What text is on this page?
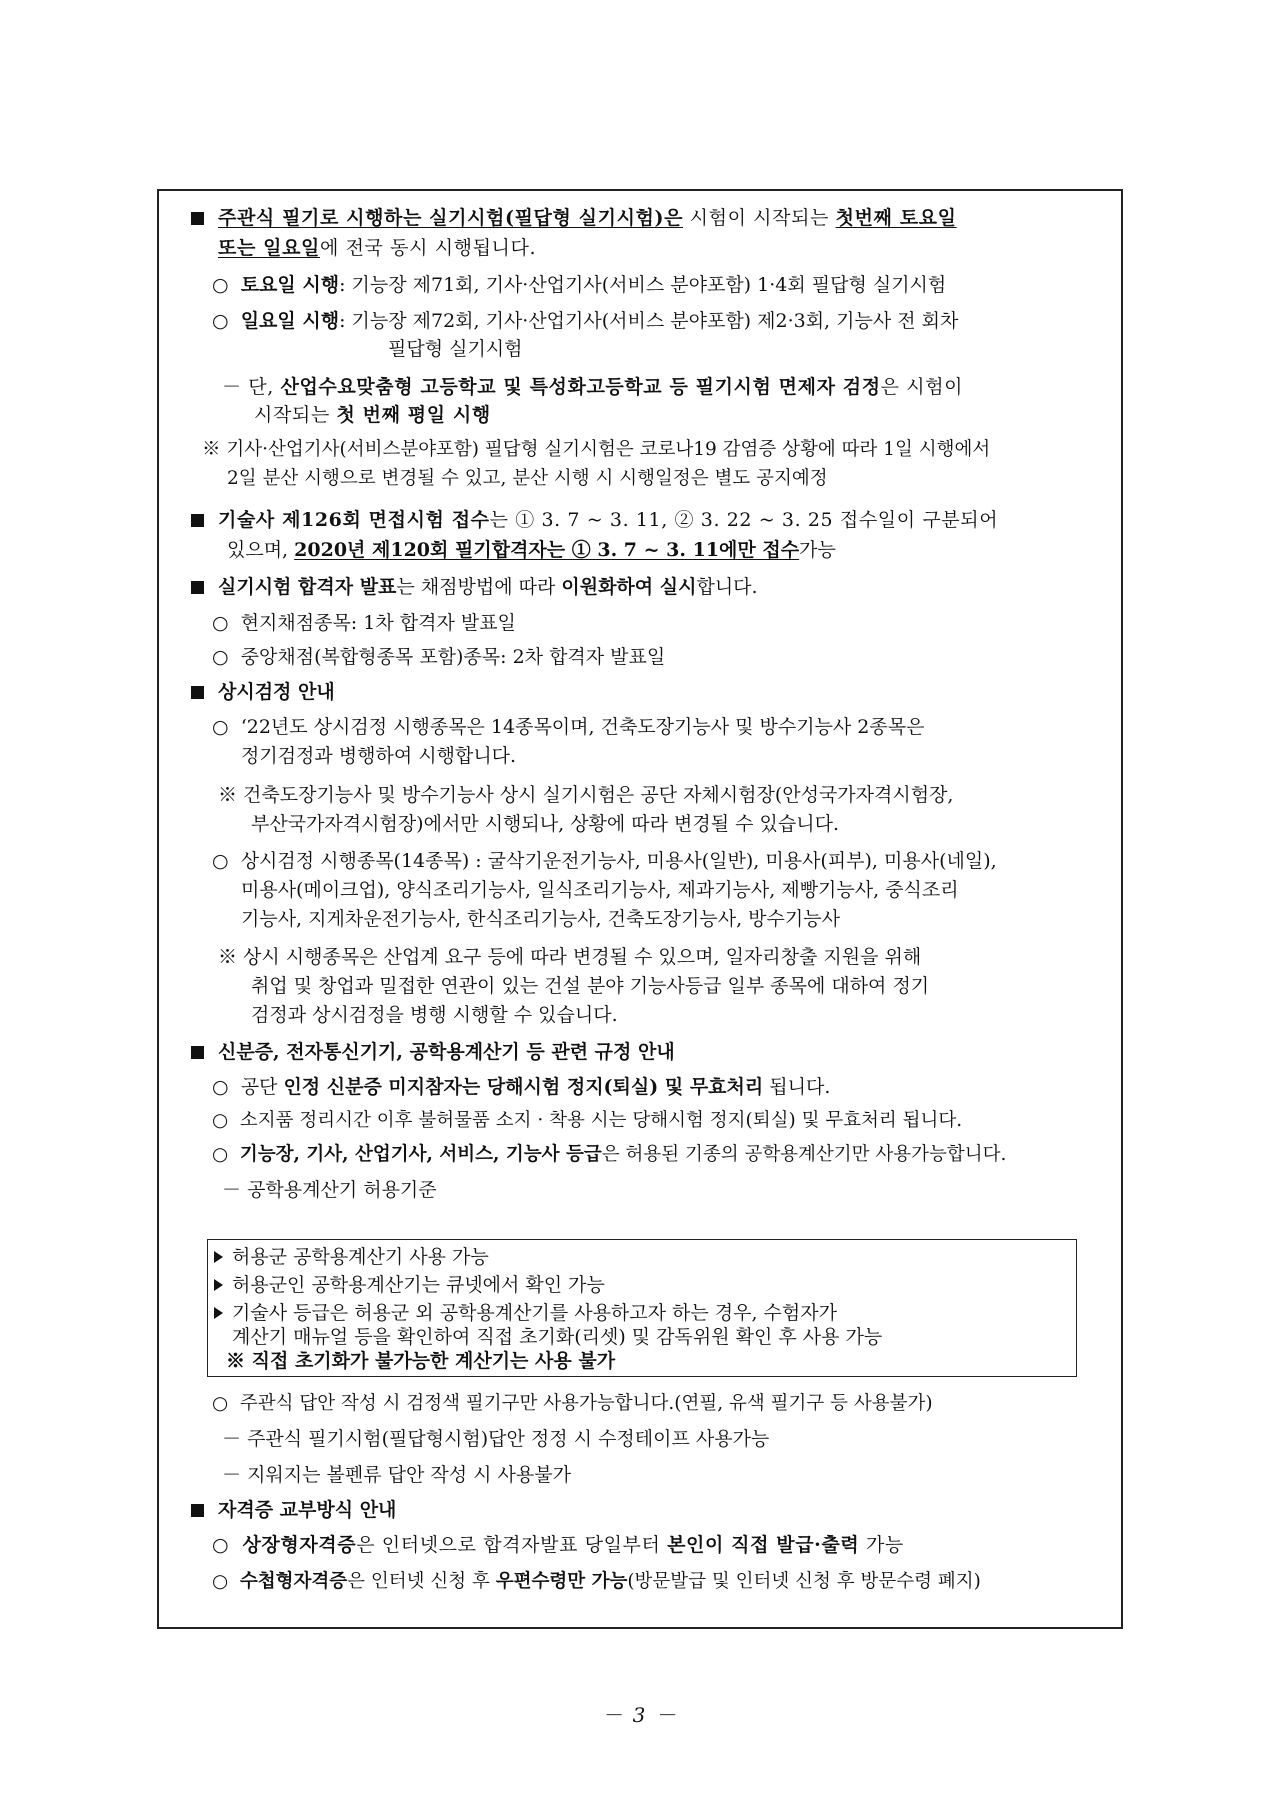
주관식 필기로 시행하는 실기시험(필답형 실기시험)은 시험이 시작되는 첫번째 토요일
또는 일요일에 전국 동시 시행됩니다.
○ 토요일 시행: 기능장 제71회, 기사·산업기사(서비스 분야포함) 1·4회 필답형 실기시험
○ 일요일 시행: 기능장 제72회, 기사·산업기사(서비스 분야포함) 제2·3회, 기능사 전 회차
필답형 실기시험
－ 단, 산업수요맞춤형 고등학교 및 특성화고등학교 등 필기시험 면제자 검정은 시험이
시작되는 첫 번째 평일 시행
※ 기사·산업기사(서비스분야포함) 필답형 실기시험은 코로나19 감염증 상황에 따라 1일 시행에서
2일 분산 시행으로 변경될 수 있고, 분산 시행 시 시행일정은 별도 공지예정
기술사 제126회 면접시험 접수는 ① 3. 7 ~ 3. 11, ② 3. 22 ~ 3. 25 접수일이 구분되어
있으며, 2020년 제120회 필기합격자는 ① 3. 7 ~ 3. 11에만 접수가능
실기시험 합격자 발표는 채점방법에 따라 이원화하여 실시합니다.
○ 현지채점종목: 1차 합격자 발표일
○ 중앙채점(복합형종목 포함)종목: 2차 합격자 발표일
상시검정 안내
○ ‘22년도 상시검정 시행종목은 14종목이며, 건축도장기능사 및 방수기능사 2종목은
정기검정과 병행하여 시행합니다.
※ 건축도장기능사 및 방수기능사 상시 실기시험은 공단 자체시험장(안성국가자격시험장,
부산국가자격시험장)에서만 시행되나, 상황에 따라 변경될 수 있습니다.
○ 상시검정 시행종목(14종목) : 굴삭기운전기능사, 미용사(일반), 미용사(피부), 미용사(네일),
미용사(메이크업), 양식조리기능사, 일식조리기능사, 제과기능사, 제빵기능사, 중식조리
기능사, 지게차운전기능사, 한식조리기능사, 건축도장기능사, 방수기능사
※ 상시 시행종목은 산업계 요구 등에 따라 변경될 수 있으며, 일자리창출 지원을 위해
취업 및 창업과 밀접한 연관이 있는 건설 분야 기능사등급 일부 종목에 대하여 정기
검정과 상시검정을 병행 시행할 수 있습니다.
신분증, 전자통신기기, 공학용계산기 등 관련 규정 안내
○ 공단 인정 신분증 미지참자는 당해시험 정지(퇴실) 및 무효처리 됩니다.
○ 소지품 정리시간 이후 불허물품 소지 · 착용 시는 당해시험 정지(퇴실) 및 무효처리 됩니다.
○ 기능장, 기사, 산업기사, 서비스, 기능사 등급은 허용된 기종의 공학용계산기만 사용가능합니다.
－ 공학용계산기 허용기준
허용군 공학용계산기 사용 가능
허용군인 공학용계산기는 큐넷에서 확인 가능
기술사 등급은 허용군 외 공학용계산기를 사용하고자 하는 경우, 수험자가
계산기 매뉴얼 등을 확인하여 직접 초기화(리셋) 및 감독위원 확인 후 사용 가능
※ 직접 초기화가 불가능한 계산기는 사용 불가
○ 주관식 답안 작성 시 검정색 필기구만 사용가능합니다.(연필, 유색 필기구 등 사용불가)
－ 주관식 필기시험(필답형시험)답안 정정 시 수정테이프 사용가능
－ 지워지는 볼펜류 답안 작성 시 사용불가
자격증 교부방식 안내
○ 상장형자격증은 인터넷으로 합격자발표 당일부터 본인이 직접 발급·출력 가능
○ 수첩형자격증은 인터넷 신청 후 우편수령만 가능(방문발급 및 인터넷 신청 후 방문수령 폐지)
－ 3 －
